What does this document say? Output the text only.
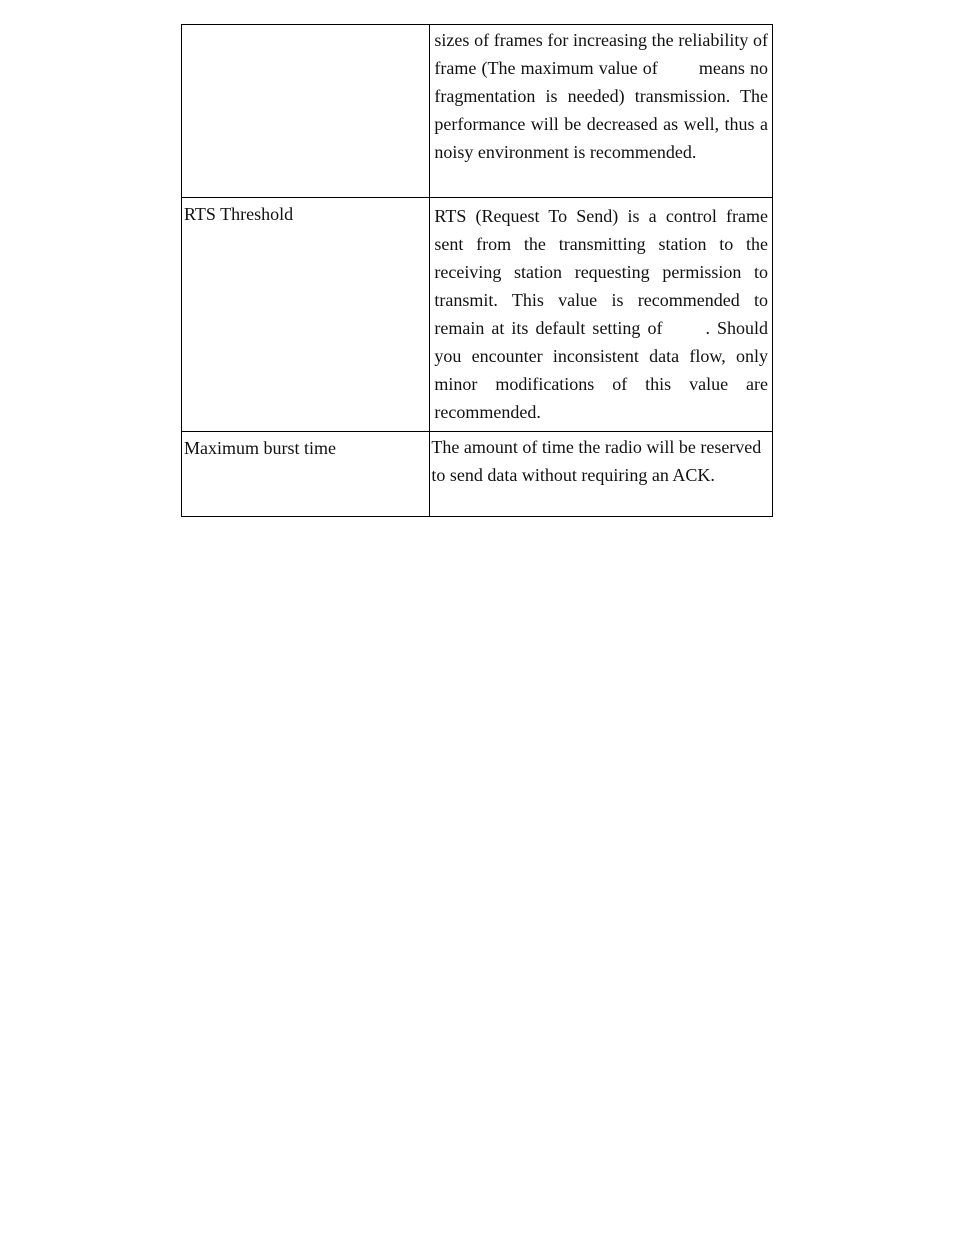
	sizes of frames for increasing the reliability of frame (The maximum value of means no fragmentation is needed) transmission. The performance will be decreased as well, thus a noisy environment is recommended.

RTS Threshold	RTS (Request To Send) is a control frame sent from the transmitting station to the receiving station requesting permission to transmit. This value is recommended to remain at its default setting of . Should you encounter inconsistent data flow, only minor modifications of this value are recommended.

Maximum burst time	The amount of time the radio will be reserved to send data without requiring an ACK.
